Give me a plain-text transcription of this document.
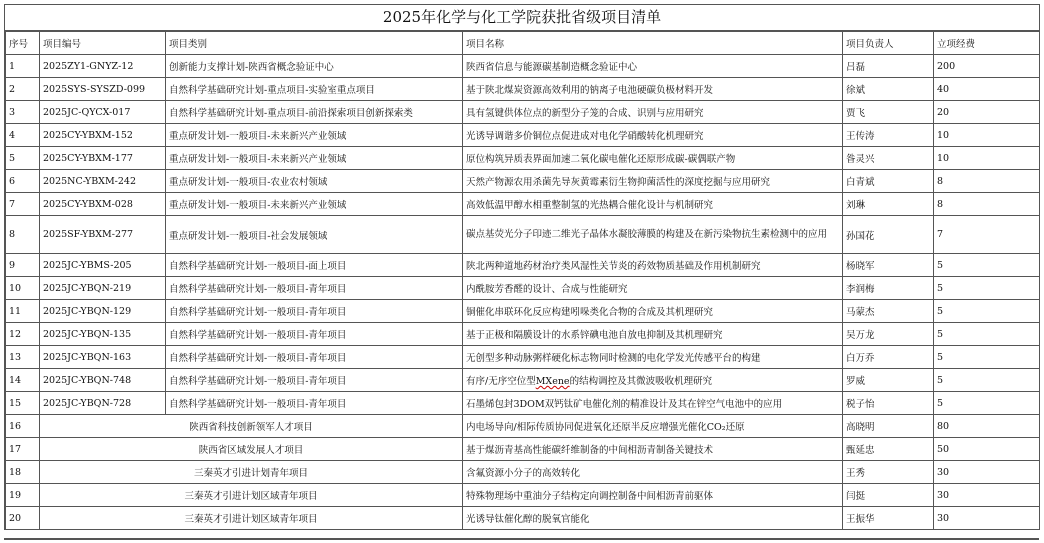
2025年化学与化工学院获批省级项目清单
序号	项目编号	项目类别	项目名称	项目负责人	立项经费
1	2025ZY1-GNYZ-12	创新能力支撑计划-陕西省概念验证中心	陕西省信息与能源碳基制造概念验证中心	吕磊	200
2	2025SYS-SYSZD-099	自然科学基础研究计划-重点项目-实验室重点项目	基于陕北煤炭资源高效利用的钠离子电池硬碳负极材料开发	徐斌	40
3	2025JC-QYCX-017	自然科学基础研究计划-重点项目-前沿探索项目创新探索类	具有氢键供体位点的新型分子笼的合成、识别与应用研究	贾飞	20
4	2025CY-YBXM-152	重点研发计划-一般项目-未来新兴产业领域	光诱导调谐多价铜位点促进成对电化学硝酸转化机理研究	王传涛	10
5	2025CY-YBXM-177	重点研发计划-一般项目-未来新兴产业领域	原位构筑异质表界面加速二氧化碳电催化还原形成碳-碳偶联产物	昝灵兴	10
6	2025NC-YBXM-242	重点研发计划-一般项目-农业农村领域	天然产物源农用杀菌先导灰黄霉素衍生物抑菌活性的深度挖掘与应用研究	白青斌	8
7	2025CY-YBXM-028	重点研发计划-一般项目-未来新兴产业领域	高效低温甲醇水相重整制氢的光热耦合催化设计与机制研究	刘琳	8
8	2025SF-YBXM-277	重点研发计划-一般项目-社会发展领域	碳点基荧光分子印迹二维光子晶体水凝胶薄膜的构建及在新污染物抗生素检测中的应用	孙国花	7
9	2025JC-YBMS-205	自然科学基础研究计划-一般项目-面上项目	陕北两种道地药材治疗类风湿性关节炎的药效物质基础及作用机制研究	杨晓军	5
10	2025JC-YBQN-219	自然科学基础研究计划-一般项目-青年项目	内酰胺芳香醛的设计、合成与性能研究	李润梅	5
11	2025JC-YBQN-129	自然科学基础研究计划-一般项目-青年项目	铜催化串联环化反应构建吲哚类化合物的合成及其机理研究	马蒙杰	5
12	2025JC-YBQN-135	自然科学基础研究计划-一般项目-青年项目	基于正极和隔膜设计的水系锌碘电池自放电抑制及其机理研究	吴万龙	5
13	2025JC-YBQN-163	自然科学基础研究计划-一般项目-青年项目	无创型多种动脉粥样硬化标志物同时检测的电化学发光传感平台的构建	白万乔	5
14	2025JC-YBQN-748	自然科学基础研究计划-一般项目-青年项目	有序/无序空位型MXene的结构调控及其微波吸收机理研究	罗威	5
15	2025JC-YBQN-728	自然科学基础研究计划-一般项目-青年项目	石墨烯包封3DOM双钙钛矿电催化剂的精准设计及其在锌空气电池中的应用	税子怡	5
16	陕西省科技创新领军人才项目		内电场导向/相际传质协同促进氧化还原半反应增强光催化CO₂还原	高晓明	80
17	陕西省区域发展人才项目		基于煤沥青基高性能碳纤维制备的中间相沥青制备关键技术	甄延忠	50
18	三秦英才引进计划青年项目		含氟资源小分子的高效转化	王秀	30
19	三秦英才引进计划区域青年项目		特殊物理场中重油分子结构定向调控制备中间相沥青前驱体	闫挺	30
20	三秦英才引进计划区域青年项目		光诱导钛催化醇的脱氧官能化	王振华	30
